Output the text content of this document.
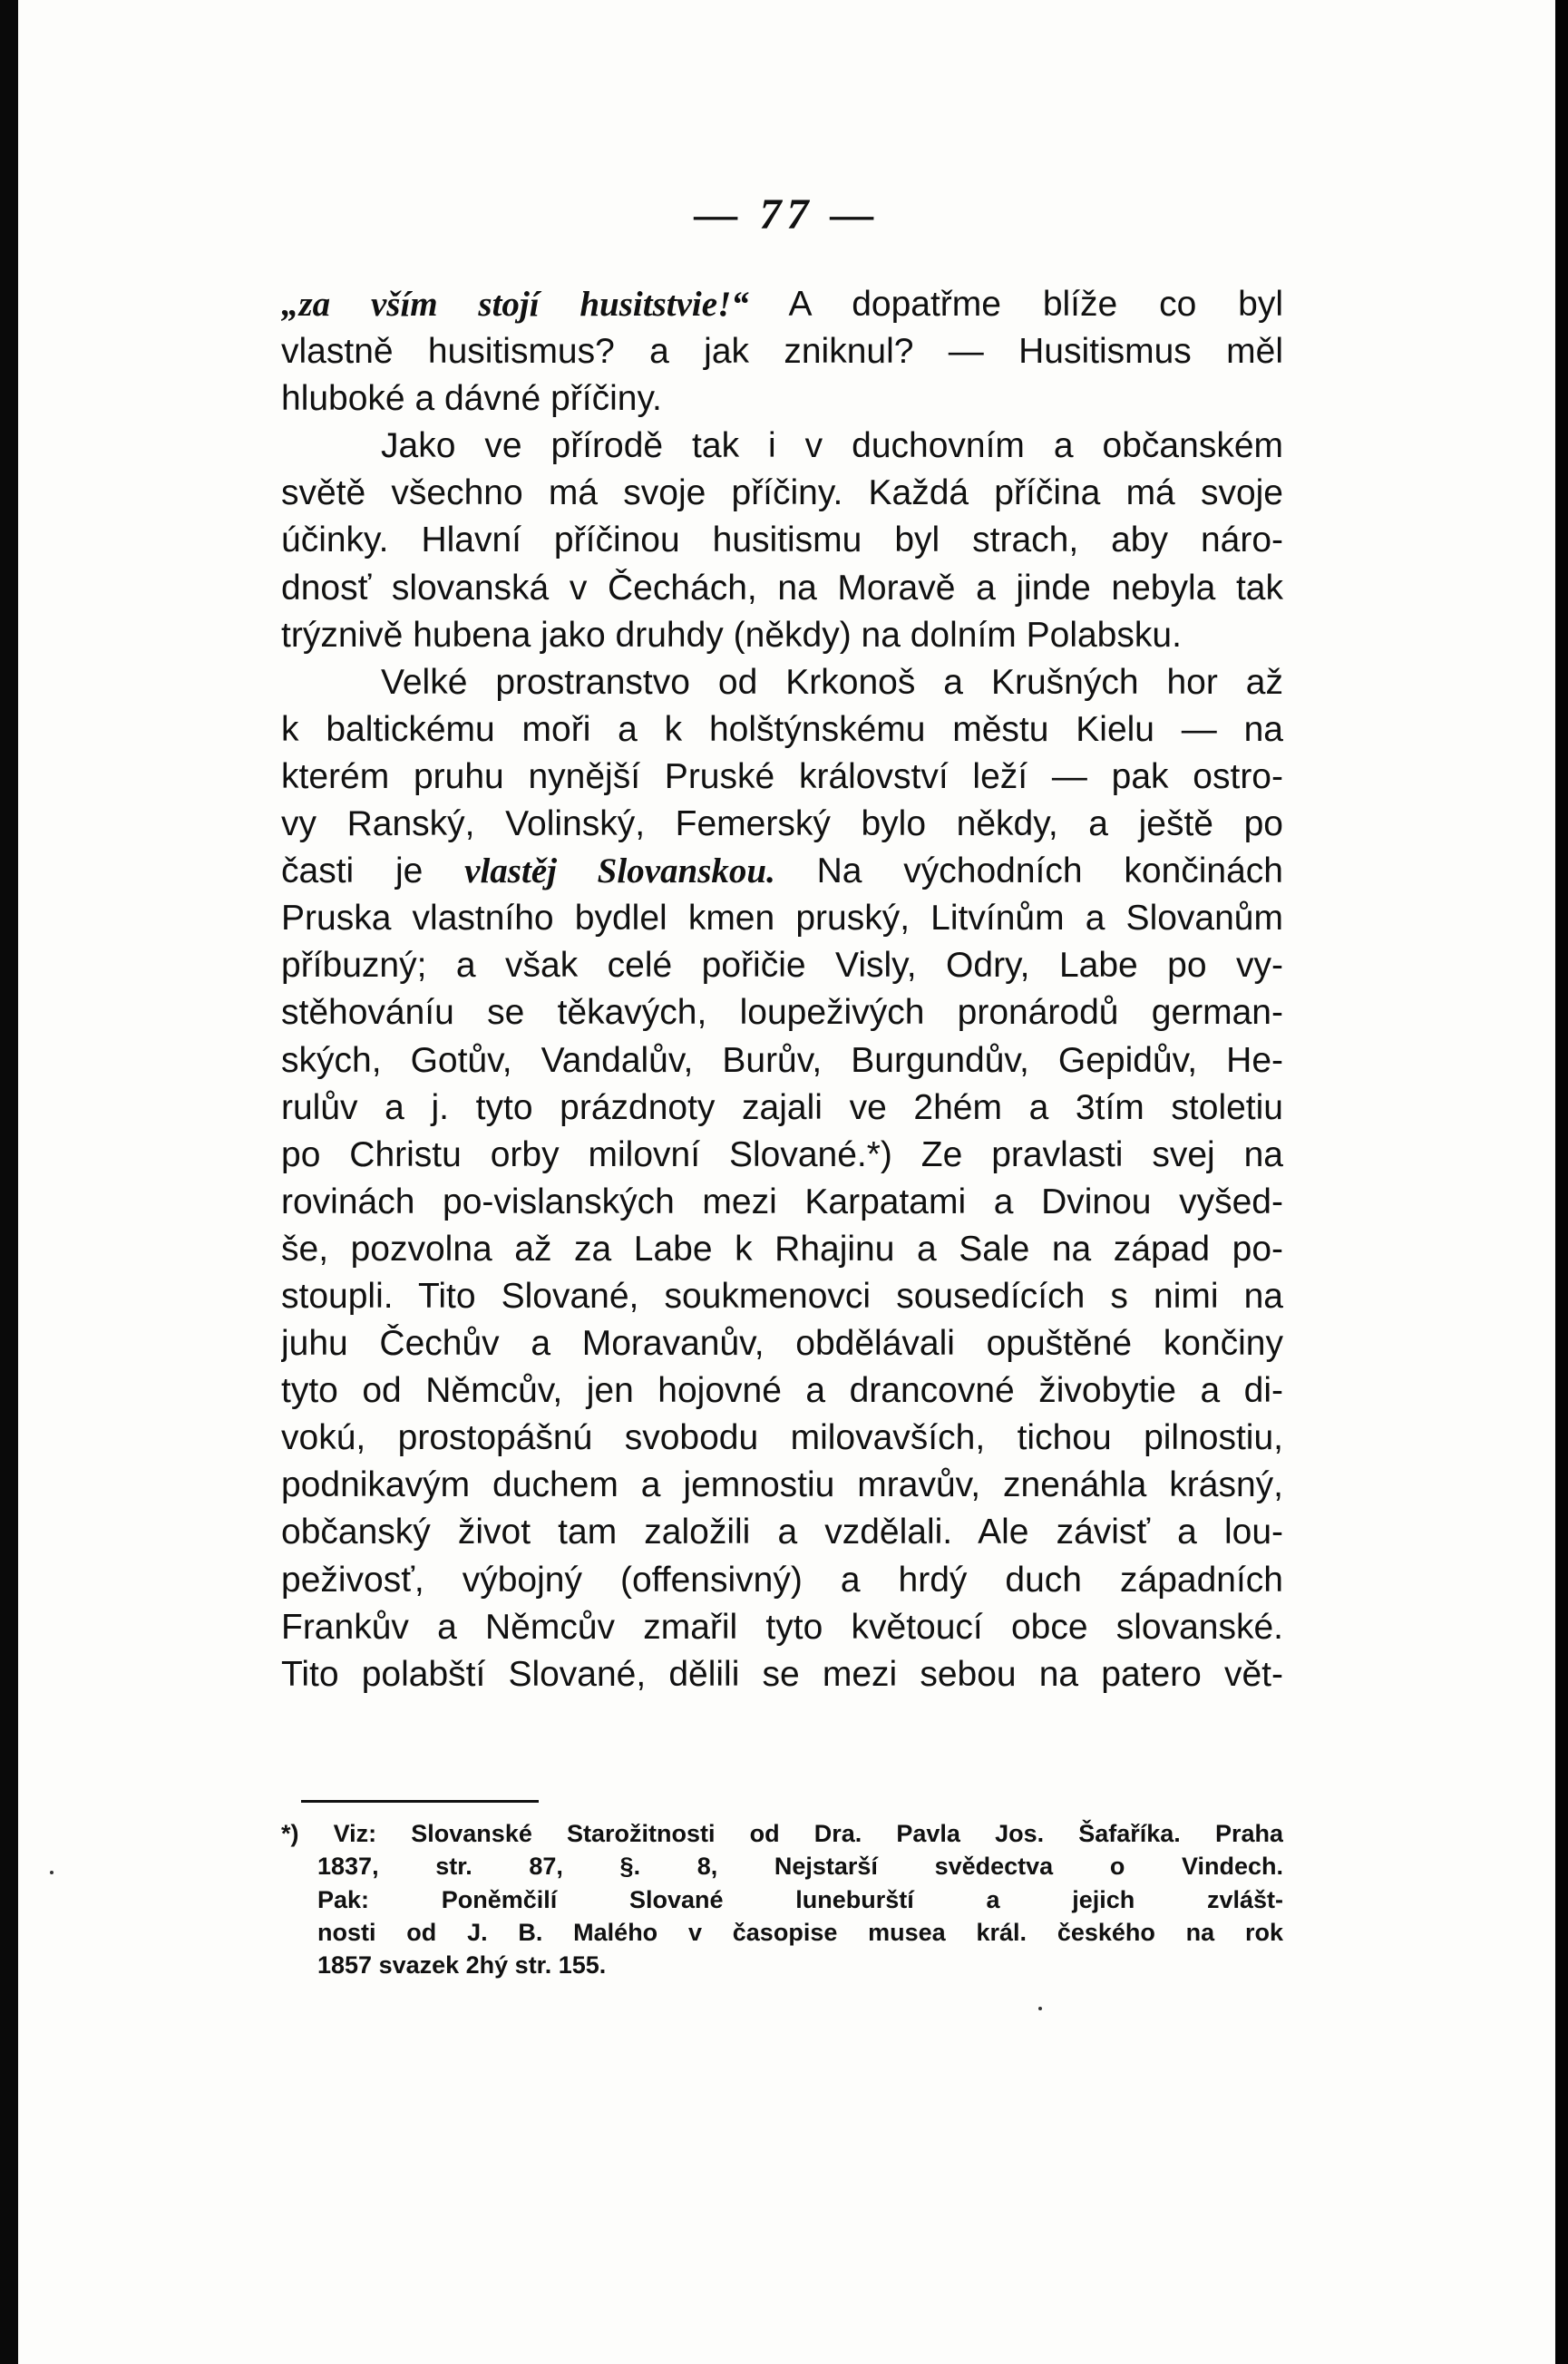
— 77 —

„za vším stojí husitstvie!“ A dopatřme blíže co byl
vlastně husitismus? a jak zniknul? — Husitismus měl
hluboké a dávné příčiny.
Jako ve přírodě tak i v duchovním a občanském
světě všechno má svoje příčiny. Každá příčina má svoje
účinky. Hlavní příčinou husitismu byl strach, aby náro-
dnosť slovanská v Čechách, na Moravě a jinde nebyla tak
trýznivě hubena jako druhdy (někdy) na dolním Polabsku.
Velké prostranstvo od Krkonoš a Krušných hor až
k baltickému moři a k holštýnskému městu Kielu — na
kterém pruhu nynější Pruské království leží — pak ostro-
vy Ranský, Volinský, Femerský bylo někdy, a ještě po
časti je vlastěj Slovanskou. Na východních končinách
Pruska vlastního bydlel kmen pruský, Litvínům a Slovanům
příbuzný; a však celé pořičie Visly, Odry, Labe po vy-
stěhováníu se těkavých, loupeživých pronárodů german-
ských, Gotův, Vandalův, Burův, Burgundův, Gepidův, He-
rulův a j. tyto prázdnoty zajali ve 2hém a 3tím stoletiu
po Christu orby milovní Slované.*) Ze pravlasti svej na
rovinách po-vislanských mezi Karpatami a Dvinou vyšed-
še, pozvolna až za Labe k Rhajinu a Sale na západ po-
stoupli. Tito Slované, soukmenovci sousedících s nimi na
juhu Čechův a Moravanův, obdělávali opuštěné končiny
tyto od Němcův, jen hojovné a drancovné živobytie a di-
vokú, prostopášnú svobodu milovavších, tichou pilnostiu,
podnikavým duchem a jemnostiu mravův, znenáhla krásný,
občanský život tam založili a vzdělali. Ale závisť a lou-
peživosť, výbojný (offensivný) a hrdý duch západních
Frankův a Němcův zmařil tyto květoucí obce slovanské.
Tito polabští Slované, dělili se mezi sebou na patero vět-
*) Viz: Slovanské Starožitnosti od Dra. Pavla Jos. Šafaříka. Praha
1837, str. 87, §. 8, Nejstarší svědectva o Vindech.
Pak: Poněmčilí Slované luneburští a jejich zvlášt-
nosti od J. B. Malého v časopise musea král. českého na rok
1857 svazek 2hý str. 155.
